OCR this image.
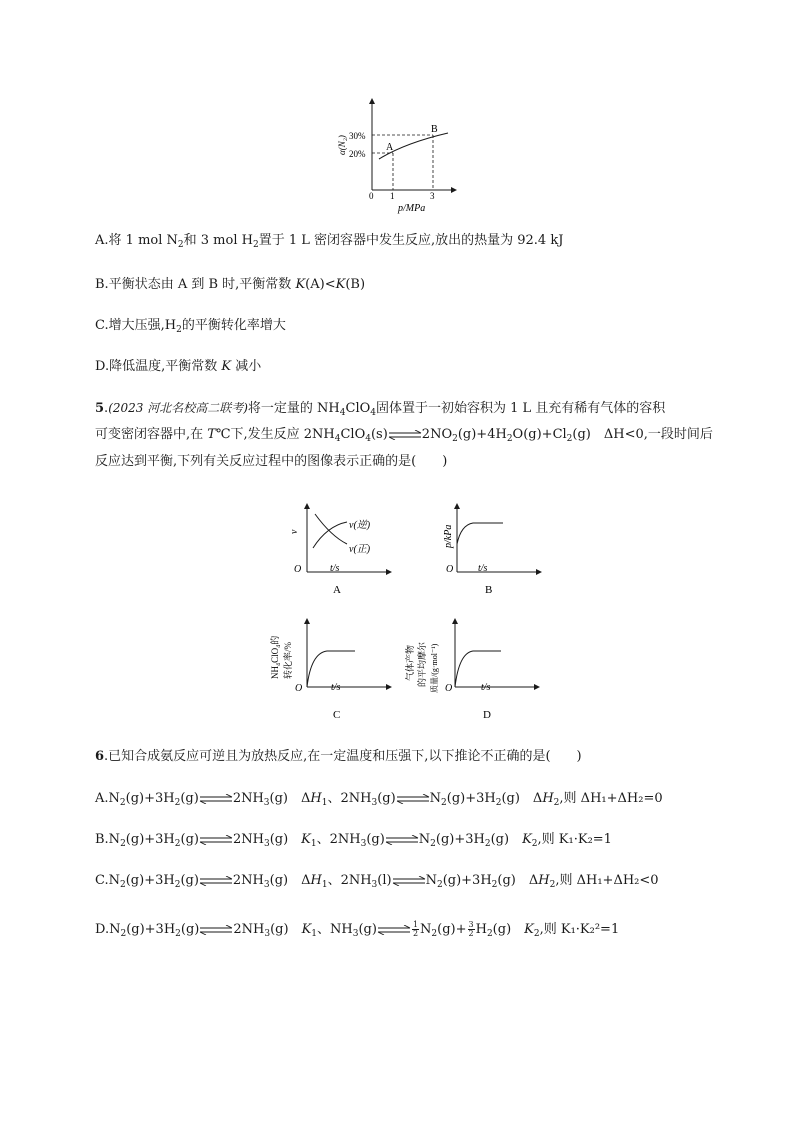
A
B
30%
20%
0 1	3
p/MPa
α(N₂)
A.将 1 mol $N_2$和 3 mol $H_2$置于 1 L 密闭容器中发生反应,放出的热量为 92.4 kJ
B.平衡状态由 A 到 B 时,平衡常数 K(A)<K(B)
C.增大压强$,H_2$的平衡转化率增大
D.降低温度,平衡常数 K 减小
5.(2023 河北名校高二联考)将一定量的 $NH_4ClO_4$固体置于一初始容积为 1 L 且充有稀有气体的容积
可变密闭容器中,在 T℃下,发生反应 $2NH_4ClO_4(s)\rightleftharpoons 2NO_2(g)+4H_2O(g)+Cl_2(g)$　ΔH<0,一段时间后
反应达到平衡,下列有关反应过程中的图像表示正确的是(　　)
v(逆)
v(正)
v
O	t/s
A
p/kPa
O t/s
B
NH₄ClO₄的 转化率/%
O	t/s
C
气体产物 的平均摩尔 质量/(g·mol⁻¹) O	t/s
D
6.已知合成氨反应可逆且为放热反应,在一定温度和压强下,以下推论不正确的是(　　)
$A.N_2(g)+3H_2(g)\rightleftharpoons 2NH_3(g)$　$\Delta H_1$、$2NH_3(g)\rightleftharpoons N_2(g)+3H_2(g)$　$\Delta H_2$,则 ΔH₁+ΔH₂=0
$B.N_2(g)+3H_2(g)\rightleftharpoons 2NH_3(g)$　$K_1$、$2NH_3(g)\rightleftharpoons N_2(g)+3H_2(g)$　$K_2$,则 K₁·K₂=1
$C.N_2(g)+3H_2(g)\rightleftharpoons 2NH_3(g)$　$\Delta H_1$、$2NH_3(l)\rightleftharpoons N_2(g)+3H_2(g)$　$\Delta H_2$,则 ΔH₁+ΔH₂<0
$D.N_2(g)+3H_2(g)\rightleftharpoons 2NH_3(g)$　$K_1$、$NH_3(g)\rightleftharpoons \frac{1}{2} N_2(g)+ \frac{3}{2} H_2(g)$　$K_2$,则 K₁·K₂²=1
